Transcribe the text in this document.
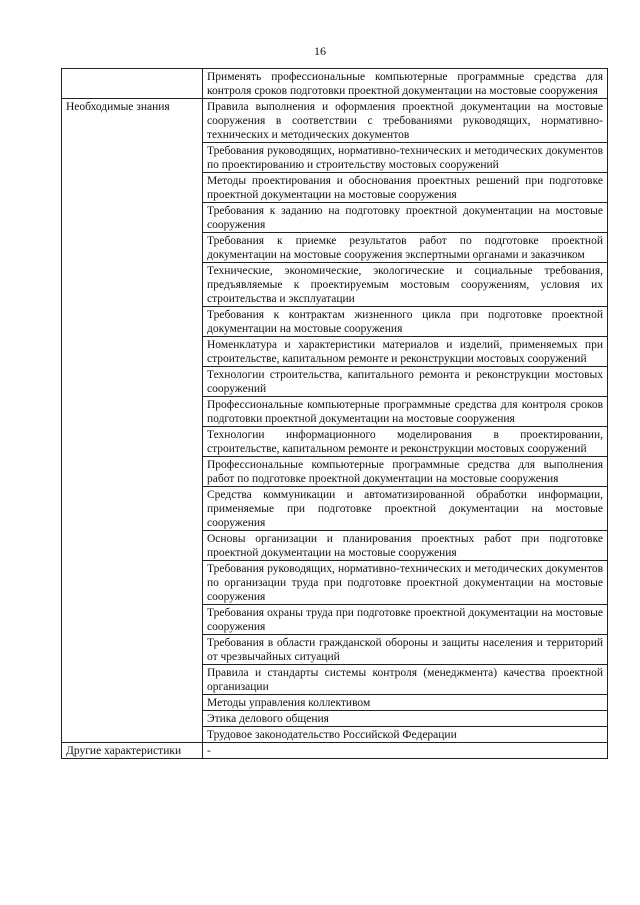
16
	Применять профессиональные компьютерные программные средства для контроля сроков подготовки проектной документации на мостовые сооружения
Необходимые знания	Правила выполнения и оформления проектной документации на мостовые сооружения в соответствии с требованиями руководящих, нормативно-технических и методических документов
	Требования руководящих, нормативно-технических и методических документов по проектированию и строительству мостовых сооружений
	Методы проектирования и обоснования проектных решений при подготовке проектной документации на мостовые сооружения
	Требования к заданию на подготовку проектной документации на мостовые сооружения
	Требования к приемке результатов работ по подготовке проектной документации на мостовые сооружения экспертными органами и заказчиком
	Технические, экономические, экологические и социальные требования, предъявляемые к проектируемым мостовым сооружениям, условия их строительства и эксплуатации
	Требования к контрактам жизненного цикла при подготовке проектной документации на мостовые сооружения
	Номенклатура и характеристики материалов и изделий, применяемых при строительстве, капитальном ремонте и реконструкции мостовых сооружений
	Технологии строительства, капитального ремонта и реконструкции мостовых сооружений
	Профессиональные компьютерные программные средства для контроля сроков подготовки проектной документации на мостовые сооружения
	Технологии информационного моделирования в проектировании, строительстве, капитальном ремонте и реконструкции мостовых сооружений
	Профессиональные компьютерные программные средства для выполнения работ по подготовке проектной документации на мостовые сооружения
	Средства коммуникации и автоматизированной обработки информации, применяемые при подготовке проектной документации на мостовые сооружения
	Основы организации и планирования проектных работ при подготовке проектной документации на мостовые сооружения
	Требования руководящих, нормативно-технических и методических документов по организации труда при подготовке проектной документации на мостовые сооружения
	Требования охраны труда при подготовке проектной документации на мостовые сооружения
	Требования в области гражданской обороны и защиты населения и территорий от чрезвычайных ситуаций
	Правила и стандарты системы контроля (менеджмента) качества проектной организации
	Методы управления коллективом
	Этика делового общения
	Трудовое законодательство Российской Федерации
Другие характеристики	-
